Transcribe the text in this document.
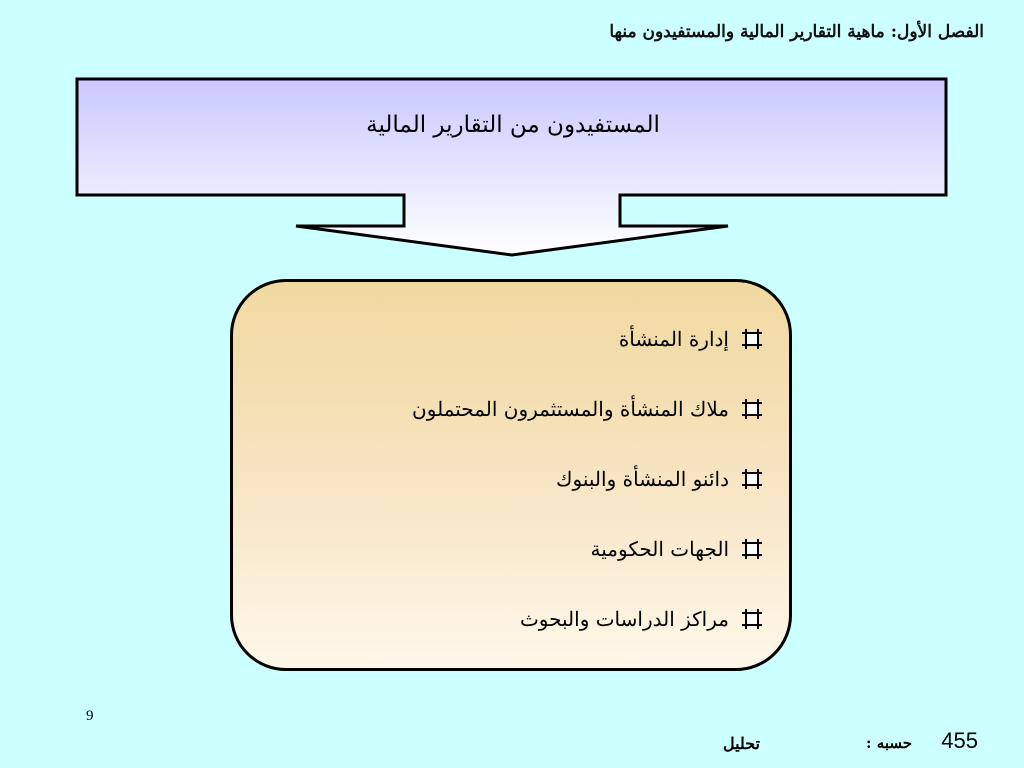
الفصل الأول: ماهية التقارير المالية والمستفيدون منها
المستفيدون من التقارير المالية
إدارة المنشأة
ملاك المنشأة والمستثمرون المحتملون
دائنو المنشأة والبنوك
الجهات الحكومية
مراكز الدراسات والبحوث
9
455
حسبه :
تحليل
